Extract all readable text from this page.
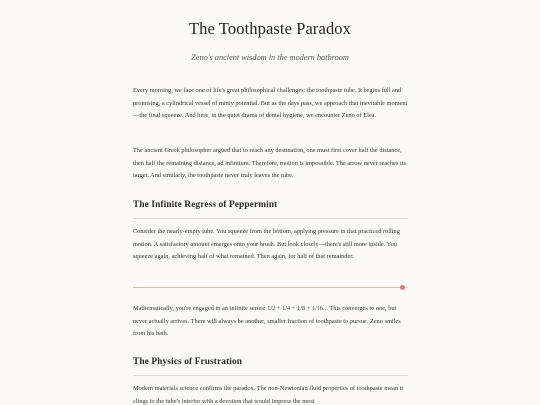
The Toothpaste Paradox

Zeno's ancient wisdom in the modern bathroom

Every morning, we face one of life's great philosophical challenges: the toothpaste tube. It begins full and promising, a cylindrical vessel of minty potential. But as the days pass, we approach that inevitable moment—the final squeeze. And here, in the quiet drama of dental hygiene, we encounter Zeno of Elea.

The ancient Greek philosopher argued that to reach any destination, one must first cover half the distance, then half the remaining distance, ad infinitum. Therefore, motion is impossible. The arrow never reaches its target. And similarly, the toothpaste never truly leaves the tube.

The Infinite Regress of Peppermint

Consider the nearly-empty tube. You squeeze from the bottom, applying pressure in that practiced rolling motion. A satisfactory amount emerges onto your brush. But look closely—there's still more inside. You squeeze again, achieving half of what remained. Then again, for half of that remainder.

Mathematically, you're engaged in an infinite series: 1/2 + 1/4 + 1/8 + 1/16... This converges to one, but never actually arrives. There will always be another, smaller fraction of toothpaste to pursue. Zeno smiles from his bath.

The Physics of Frustration

Modern materials science confirms the paradox. The non-Newtonian fluid properties of toothpaste mean it clings to the tube's interior with a devotion that would impress the most
